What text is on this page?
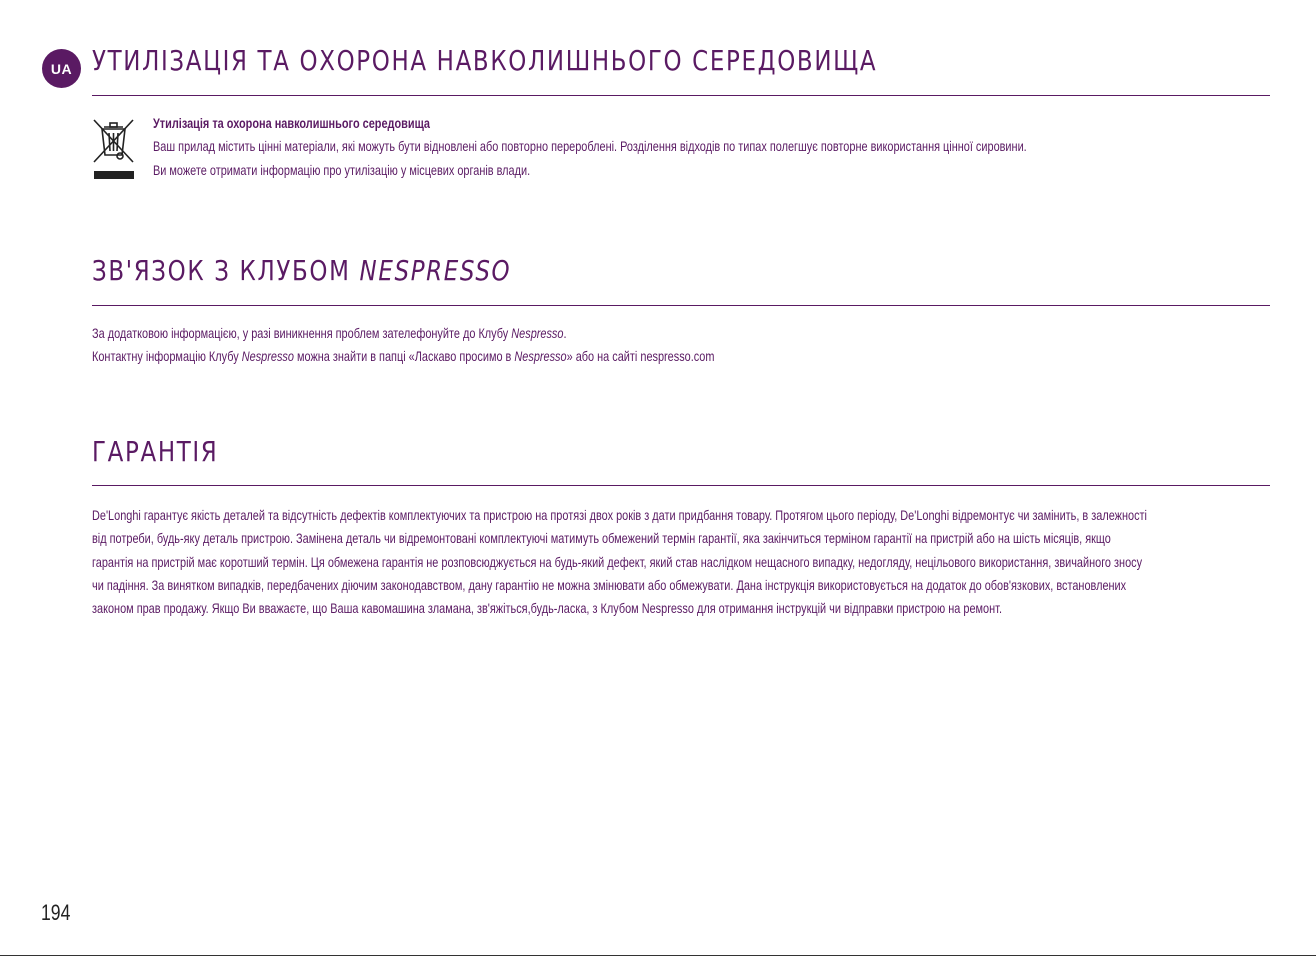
UA УТИЛІЗАЦІЯ ТА ОХОРОНА НАВКОЛИШНЬОГО СЕРЕДОВИЩА

Утилізація та охорона навколишнього середовища

Ваш прилад містить цінні матеріали, які можуть бути відновлені або повторно перероблені. Розділення відходів по типах полегшує повторне використання цінної сировини.

Ви можете отримати інформацію про утилізацію у місцевих органів влади.

ЗВ'ЯЗОК З КЛУБОМ NESPRESSO

За додатковою інформацією, у разі виникнення проблем зателефонуйте до Клубу Nespresso.

Контактну інформацію Клубу Nespresso можна знайти в папці «Ласкаво просимо в Nespresso» або на сайті nespresso.com

ГАРАНТІЯ

De'Longhi гарантує якість деталей та відсутність дефектів комплектуючих та пристрою на протязі двох років з дати придбання товару. Протягом цього періоду, De'Longhi відремонтує чи замінить, в залежності

від потреби, будь-яку деталь пристрою. Замінена деталь чи відремонтовані комплектуючі матимуть обмежений термін гарантії, яка закінчиться терміном гарантії на пристрій або на шість місяців, якщо

гарантія на пристрій має коротший термін. Ця обмежена гарантія не розповсюджується на будь-який дефект, який став наслідком нещасного випадку, недогляду, нецільового використання, звичайного зносу

чи падіння. За винятком випадків, передбачених діючим законодавством, дану гарантію не можна змінювати або обмежувати. Дана інструкція використовується на додаток до обов'язкових, встановлених

законом прав продажу. Якщо Ви вважаєте, що Ваша кавомашина зламана, зв'яжіться,будь-ласка, з Клубом Nespresso для отримання інструкцій чи відправки пристрою на ремонт.

194
